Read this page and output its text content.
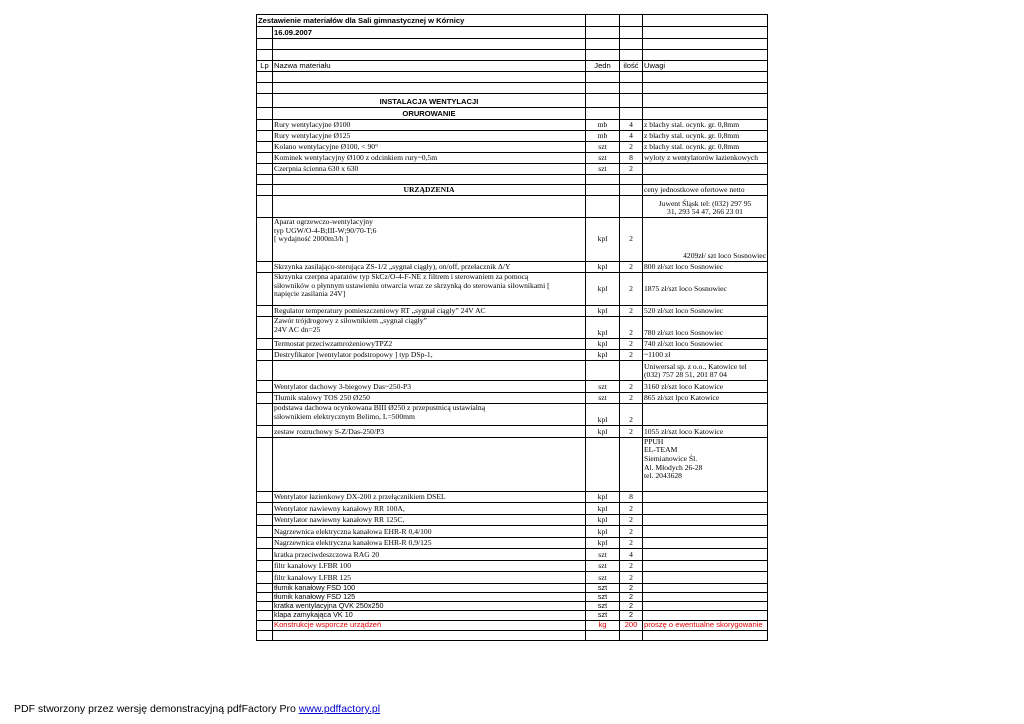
Zestawienie materiałów dla Sali gimnastycznej w Kórnicy				
	16.09.2007			

Lp	Nazwa materiału	Jedn	ilość	Uwagi

	INSTALACJA WENTYLACJI			
	ORUROWANIE			
	Rury wentylacyjne Ø100	mb	4	z blachy stal. ocynk. gr. 0,8mm
	Rury wentylacyjne Ø125	mb	4	z blachy stal. ocynk. gr. 0,8mm
	Kolano wentylacyjne Ø100, < 90°	szt	2	z blachy stal. ocynk. gr. 0,8mm
	Kominek wentylacyjny Ø100 z odcinkiem rury~0,5m	szt	8	wyloty z wentylatorów łazienkowych
	Czerpnia ścienna 630 x 630	szt	2	

	URZĄDZENIA			ceny jednostkowe ofertowe netto

				Juwent Śląsk tel: (032) 297 95
31, 293 54 47, 266 23 01

	Aparat ogrzewczo-wentylacyjny
typ UGW/O-4-B;III-W;90/70-T;6
[ wydajność 2000m3/h ]	kpl	2	4209zł/ szt loco Sosnowiec
	Skrzynka zasilająco-sterująca ZS-1/2 „sygnał ciągły), on/off, przełacznik Δ/Y	kpl	2	800 zł/szt loco Sosnowiec

	Skrzynka czerpna aparatów typ SkCz/O-4-F-NE z filtrem i sterowaniem za pomocą
siłowników o płynnym ustawieniu otwarcia wraz ze skrzynką do sterowania siłownikami [
napięcie zasilania 24V]	kpl	2	1875 zł/szt loco Sosnowiec
	Regulator temperatury pomieszczeniowy RT „sygnał ciągły” 24V AC	kpl	2	520 zł/szt loco Sosnowiec

	Zawór trójdrogowy z siłownikiem „sygnał ciągły”
24V AC dn=25	kpl	2	780 zł/szt loco Sosnowiec
	Termostat przeciwzamrożeniowyTPZ2	kpl	2	740 zł/szt loco Sosnowiec
	Destryfikator [wentylator podstropowy ] typ DSp-1,	kpl	2	~1100 zł

				Uniwersal sp. z o.o., Katowice tel
(032) 757 28 51, 201 87 04

	Wentylator dachowy 3-biegowy Das~250-P3	szt	2	3160 zł/szt loco Katowice
	Tłumik stalowy TOS 250 Ø250	szt	2	865 zł/szt lpco Katowice

	podstawa dachowa ocynkowana BIII Ø250 z przepustnicą ustawialną
siłownikiem elektrycznym Belimo, L=500mm	kpl	2	
	zestaw rozruchowy S-Z/Das-250/P3	kpl	2	1055 zł/szt loco Katowice

				PPUH
EL-TEAM
Siemianowice Śl.
Al. Młodych 26-28
tel. 2043628

	Wentylator łazienkowy DX-200 z przełącznikiem DSEL	kpl	8	
	Wentylator nawiewny kanałowy RR 100A,	kpl	2	
	Wentylator nawiewny kanałowy RR 125C,	kpl	2	
	Nagrzewnica elektryczna kanałowa EHR-R 0,4/100	kpl	2	
	Nagrzewnica elektryczna kanałowa EHR-R 0,9/125	kpl	2	
	kratka przeciwdeszczowa RAG 20	szt	4	
	filtr kanałowy LFBR 100	szt	2	
	filtr kanałowy LFBR 125	szt	2	
	tłumik kanałowy FSD 100	szt	2	
	tłumik kanałowy FSD 125	szt	2	
	kratka wentylacyjna QVK 250x250	szt	2	
	klapa zamykająca VK 10	szt	2	
	Konstrukcje wsporcze urządzeń	kg	200	proszę o ewentualne skorygowanie

PDF stworzony przez wersję demonstracyjną pdfFactory Pro www.pdffactory.pl
